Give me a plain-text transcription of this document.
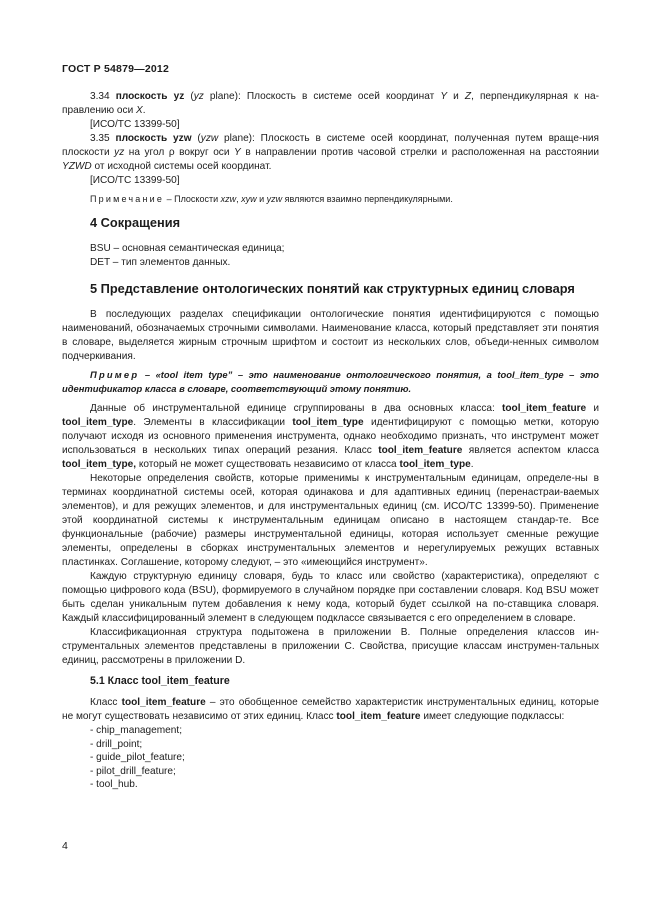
ГОСТ Р 54879—2012

3.34 плоскость yz (yz plane): Плоскость в системе осей координат Y и Z, перпендикулярная к на-правлению оси X.

[ИСО/ТС 13399-50]

3.35 плоскость yzw (yzw plane): Плоскость в системе осей координат, полученная путем враще-ния плоскости yz на угол ρ вокруг оси Y в направлении против часовой стрелки и расположенная на расстоянии YZWD от исходной системы осей координат.

[ИСО/ТС 13399-50]

Примечание – Плоскости xzw, xyw и yzw являются взаимно перпендикулярными.

4 Сокращения

BSU – основная семантическая единица;

DET – тип элементов данных.

5 Представление онтологических понятий как структурных единиц словаря

В последующих разделах спецификации онтологические понятия идентифицируются с помощью наименований, обозначаемых строчными символами. Наименование класса, который представляет эти понятия в словаре, выделяется жирным строчным шрифтом и состоит из нескольких слов, объеди-ненных символом подчеркивания.

Пример – «tool item type” – это наименование онтологического понятия, а tool_item_type – это идентификатор класса в словаре, соответствующий этому понятию.

Данные об инструментальной единице сгруппированы в два основных класса: tool_item_feature и tool_item_type. Элементы в классификации tool_item_type идентифицируют с помощью метки, которую получают исходя из основного применения инструмента, однако необходимо признать, что инструмент может использоваться в нескольких типах операций резания. Класс tool_item_feature является аспектом класса tool_item_type, который не может существовать независимо от класса tool_item_type.

Некоторые определения свойств, которые применимы к инструментальным единицам, определе-ны в терминах координатной системы осей, которая одинакова и для адаптивных единиц (перенастраи-ваемых элементов), и для режущих элементов, и для инструментальных единиц (см. ИСО/ТС 13399-50). Применение этой координатной системы к инструментальным единицам описано в настоящем стандар-те. Все функциональные (рабочие) размеры инструментальной единицы, которая использует сменные режущие элементы, определены в сборках инструментальных элементов и нерегулируемых режущих вставных пластинках. Соглашение, которому следуют, – это «имеющийся инструмент».

Каждую структурную единицу словаря, будь то класс или свойство (характеристика), определяют с помощью цифрового кода (BSU), формируемого в случайном порядке при составлении словаря. Код BSU может быть сделан уникальным путем добавления к нему кода, который будет ссылкой на по-ставщика словаря. Каждый классифицированный элемент в следующем подклассе связывается с его определением в словаре.

Классификационная структура подытожена в приложении В. Полные определения классов ин-струментальных элементов представлены в приложении С. Свойства, присущие классам инструмен-тальных единиц, рассмотрены в приложении D.

5.1 Класс tool_item_feature

Класс tool_item_feature – это обобщенное семейство характеристик инструментальных единиц, которые не могут существовать независимо от этих единиц. Класс tool_item_feature имеет следующие подклассы:

- chip_management;
- drill_point;
- guide_pilot_feature;
- pilot_drill_feature;
- tool_hub.
4
